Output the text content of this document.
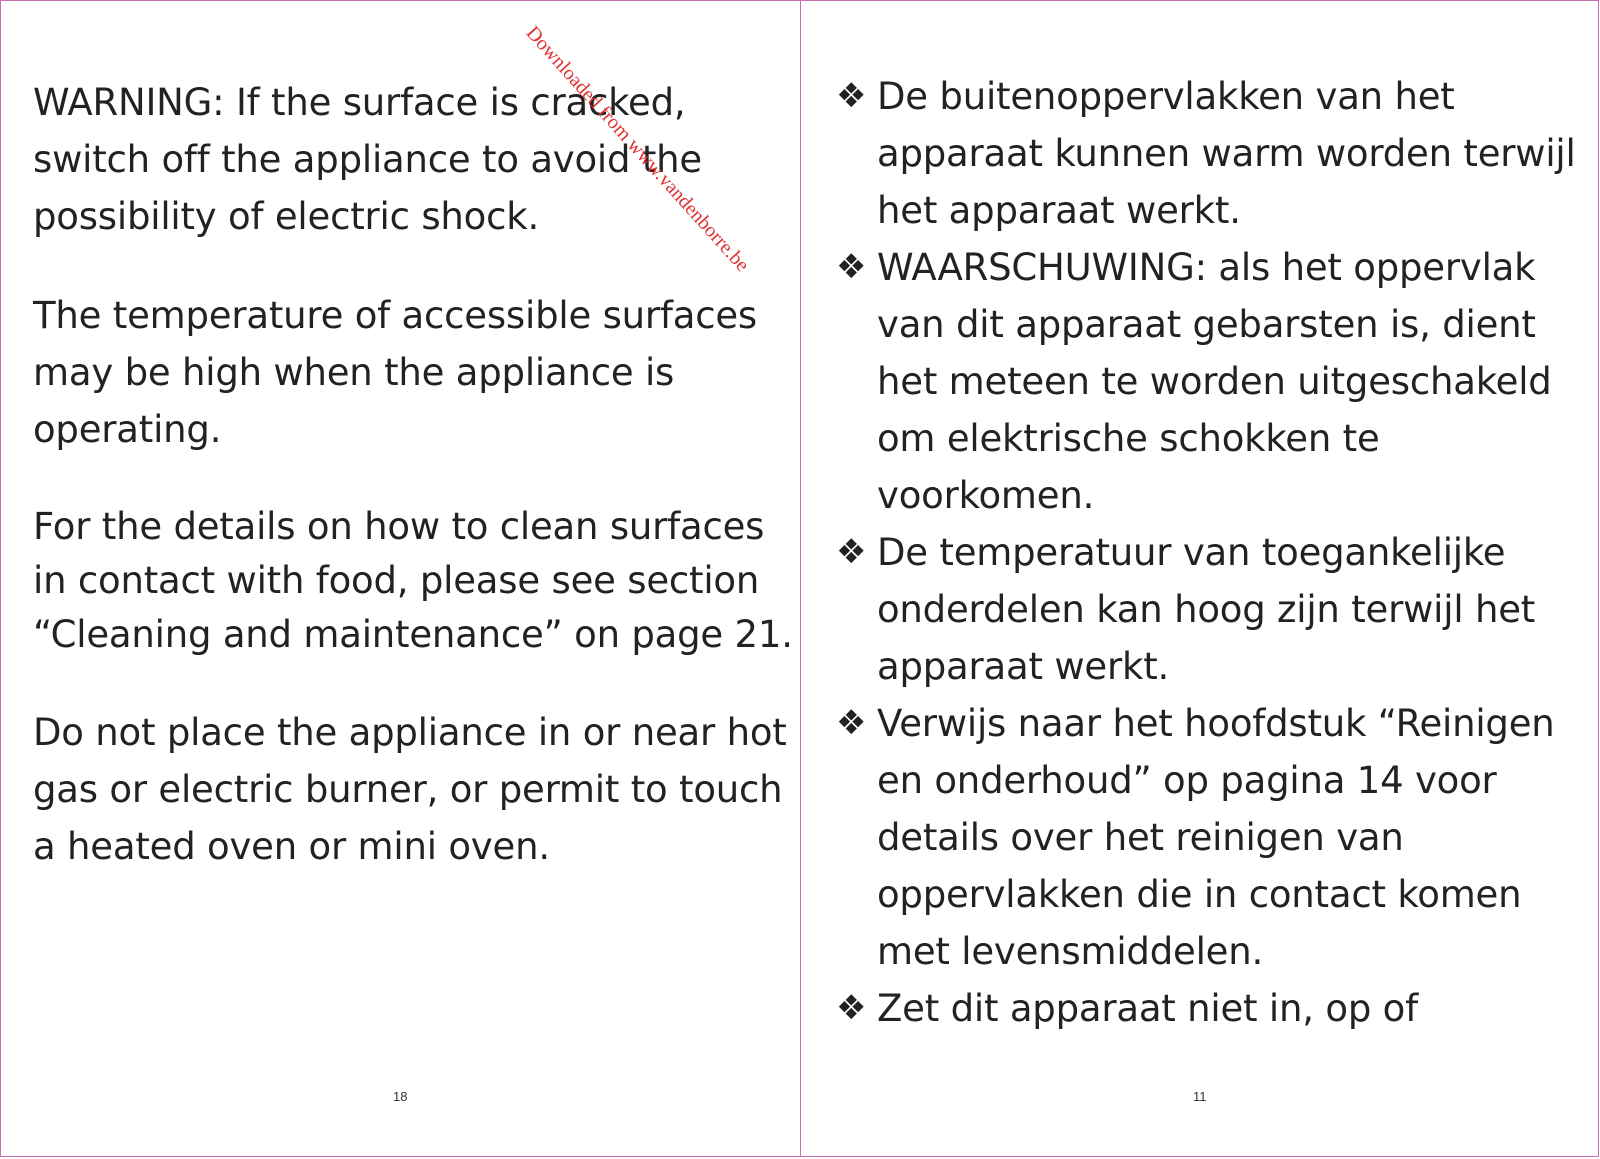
WARNING: If the surface is cracked, switch off the appliance to avoid the possibility of electric shock.

The temperature of accessible surfaces may be high when the appliance is operating.

For the details on how to clean surfaces in contact with food, please see section “Cleaning and maintenance” on page 21.

Do not place the appliance in or near hot gas or electric burner, or permit to touch a heated oven or mini oven.

18
❖ De buitenoppervlakken van het apparaat kunnen warm worden terwijl het apparaat werkt.
❖ WAARSCHUWING: als het oppervlak van dit apparaat gebarsten is, dient het meteen te worden uitgeschakeld om elektrische schokken te voorkomen.
❖ De temperatuur van toegankelijke onderdelen kan hoog zijn terwijl het apparaat werkt.
❖ Verwijs naar het hoofdstuk “Reinigen en onderhoud” op pagina 14 voor details over het reinigen van oppervlakken die in contact komen met levensmiddelen.
❖ Zet dit apparaat niet in, op of
11
Downloaded from www.vandenborre.be
